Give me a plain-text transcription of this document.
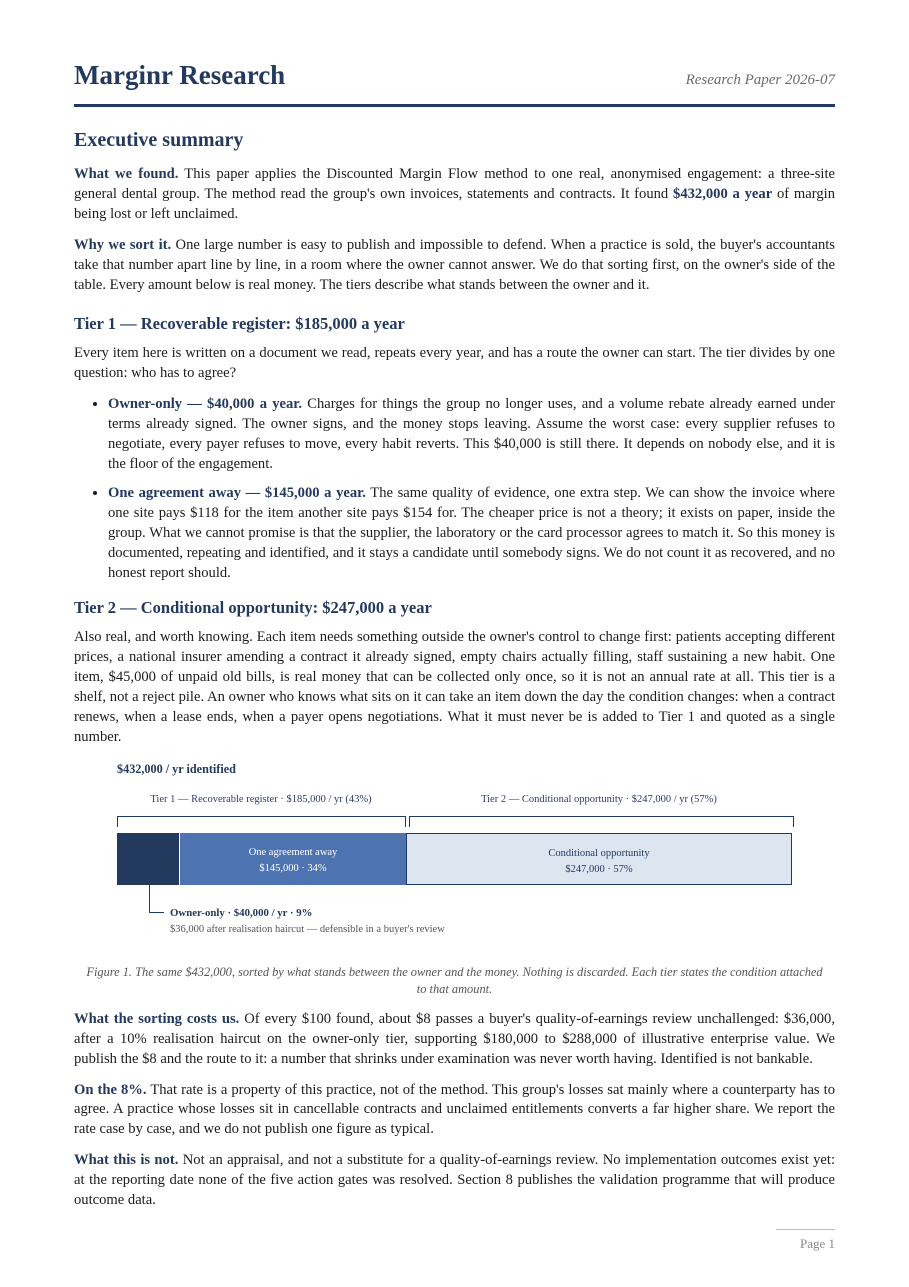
Marginr Research	Research Paper 2026-07
Executive summary

What we found. This paper applies the Discounted Margin Flow method to one real, anonymised engagement: a three-site general dental group. The method read the group's own invoices, statements and contracts. It found $432,000 a year of margin being lost or left unclaimed.

Why we sort it. One large number is easy to publish and impossible to defend. When a practice is sold, the buyer's accountants take that number apart line by line, in a room where the owner cannot answer. We do that sorting first, on the owner's side of the table. Every amount below is real money. The tiers describe what stands between the owner and it.

Tier 1 — Recoverable register: $185,000 a year

Every item here is written on a document we read, repeats every year, and has a route the owner can start. The tier divides by one question: who has to agree?

• Owner-only — $40,000 a year. Charges for things the group no longer uses, and a volume rebate already earned under terms already signed. The owner signs, and the money stops leaving. Assume the worst case: every supplier refuses to negotiate, every payer refuses to move, every habit reverts. This $40,000 is still there. It depends on nobody else, and it is the floor of the engagement.
• One agreement away — $145,000 a year. The same quality of evidence, one extra step. We can show the invoice where one site pays $118 for the item another site pays $154 for. The cheaper price is not a theory; it exists on paper, inside the group. What we cannot promise is that the supplier, the laboratory or the card processor agrees to match it. So this money is documented, repeating and identified, and it stays a candidate until somebody signs. We do not count it as recovered, and no honest report should.
Tier 2 — Conditional opportunity: $247,000 a year

Also real, and worth knowing. Each item needs something outside the owner's control to change first: patients accepting different prices, a national insurer amending a contract it already signed, empty chairs actually filling, staff sustaining a new habit. One item, $45,000 of unpaid old bills, is real money that can be collected only once, so it is not an annual rate at all. This tier is a shelf, not a reject pile. An owner who knows what sits on it can take an item down the day the condition changes: when a contract renews, when a lease ends, when a payer opens negotiations. What it must never be is added to Tier 1 and quoted as a single number.

$432,000 / yr identified
Tier 1 — Recoverable register · $185,000 / yr (43%)	Tier 2 — Conditional opportunity · $247,000 / yr (57%)
One agreement away
$145,000 · 34%
Conditional opportunity
$247,000 · 57%
Owner-only · $40,000 / yr · 9%
$36,000 after realisation haircut — defensible in a buyer's review
Figure 1. The same $432,000, sorted by what stands between the owner and the money. Nothing is discarded. Each tier states the condition attached to that amount.

What the sorting costs us. Of every $100 found, about $8 passes a buyer's quality-of-earnings review unchallenged: $36,000, after a 10% realisation haircut on the owner-only tier, supporting $180,000 to $288,000 of illustrative enterprise value. We publish the $8 and the route to it: a number that shrinks under examination was never worth having. Identified is not bankable.

On the 8%. That rate is a property of this practice, not of the method. This group's losses sat mainly where a counterparty has to agree. A practice whose losses sit in cancellable contracts and unclaimed entitlements converts a far higher share. We report the rate case by case, and we do not publish one figure as typical.

What this is not. Not an appraisal, and not a substitute for a quality-of-earnings review. No implementation outcomes exist yet: at the reporting date none of the five action gates was resolved. Section 8 publishes the validation programme that will produce outcome data.

Page 1
